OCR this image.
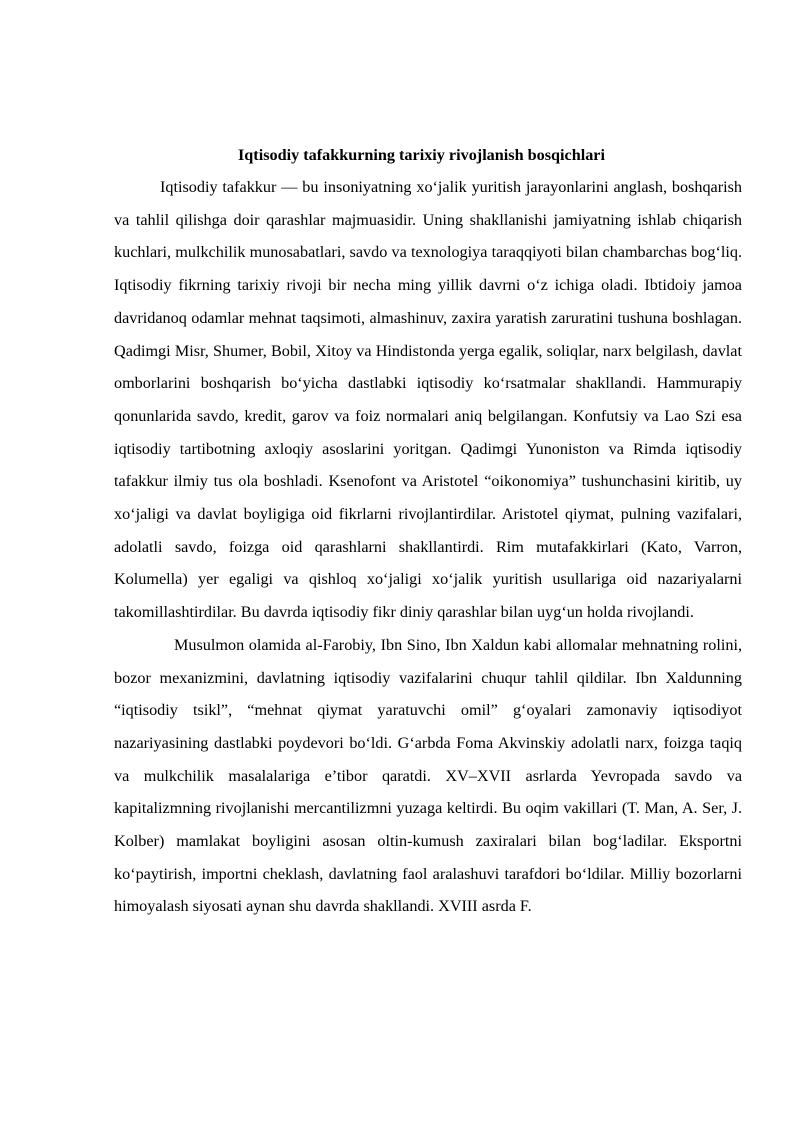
Iqtisodiy tafakkurning tarixiy rivojlanish bosqichlari

Iqtisodiy tafakkur — bu insoniyatning xo‘jalik yuritish jarayonlarini anglash, boshqarish va tahlil qilishga doir qarashlar majmuasidir. Uning shakllanishi jamiyatning ishlab chiqarish kuchlari, mulkchilik munosabatlari, savdo va texnologiya taraqqiyoti bilan chambarchas bog‘liq. Iqtisodiy fikrning tarixiy rivoji bir necha ming yillik davrni o‘z ichiga oladi. Ibtidoiy jamoa davridanoq odamlar mehnat taqsimoti, almashinuv, zaxira yaratish zaruratini tushuna boshlagan. Qadimgi Misr, Shumer, Bobil, Xitoy va Hindistonda yerga egalik, soliqlar, narx belgilash, davlat omborlarini boshqarish bo‘yicha dastlabki iqtisodiy ko‘rsatmalar shakllandi. Hammurapiy qonunlarida savdo, kredit, garov va foiz normalari aniq belgilangan. Konfutsiy va Lao Szi esa iqtisodiy tartibotning axloqiy asoslarini yoritgan. Qadimgi Yunoniston va Rimda iqtisodiy tafakkur ilmiy tus ola boshladi. Ksenofont va Aristotel “oikonomiya” tushunchasini kiritib, uy xo‘jaligi va davlat boyligiga oid fikrlarni rivojlantirdilar. Aristotel qiymat, pulning vazifalari, adolatli savdo, foizga oid qarashlarni shakllantirdi. Rim mutafakkirlari (Kato, Varron, Kolumella) yer egaligi va qishloq xo‘jaligi xo‘jalik yuritish usullariga oid nazariyalarni takomillashtirdilar. Bu davrda iqtisodiy fikr diniy qarashlar bilan uyg‘un holda rivojlandi.

Musulmon olamida al-Farobiy, Ibn Sino, Ibn Xaldun kabi allomalar mehnatning rolini, bozor mexanizmini, davlatning iqtisodiy vazifalarini chuqur tahlil qildilar. Ibn Xaldunning “iqtisodiy tsikl”, “mehnat qiymat yaratuvchi omil” g‘oyalari zamonaviy iqtisodiyot nazariyasining dastlabki poydevori bo‘ldi. G‘arbda Foma Akvinskiy adolatli narx, foizga taqiq va mulkchilik masalalariga e’tibor qaratdi. XV–XVII asrlarda Yevropada savdo va kapitalizmning rivojlanishi mercantilizmni yuzaga keltirdi. Bu oqim vakillari (T. Man, A. Ser, J. Kolber) mamlakat boyligini asosan oltin-kumush zaxiralari bilan bog‘ladilar. Eksportni ko‘paytirish, importni cheklash, davlatning faol aralashuvi tarafdori bo‘ldilar. Milliy bozorlarni himoyalash siyosati aynan shu davrda shakllandi. XVIII asrda F.
